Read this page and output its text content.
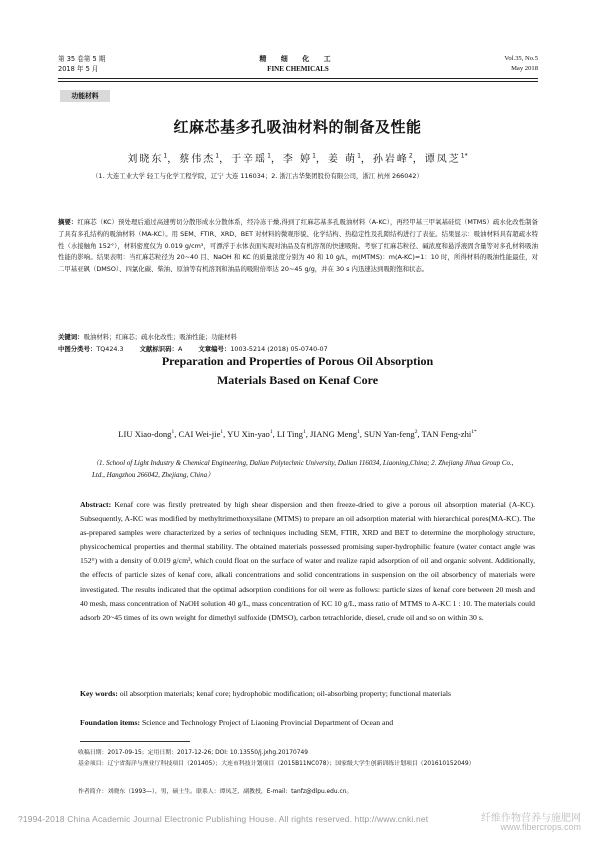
第 35 卷第 5 期
2018 年 5 月
精 细 化 工
FINE CHEMICALS
Vol.35, No.5
May 2018
功能材料
红麻芯基多孔吸油材料的制备及性能
刘晓东$^1$，蔡伟杰$^1$，于辛瑶$^1$，李 婷$^1$，姜 萌$^1$，孙岩峰$^2$，谭凤芝$^{1*}$
（1. 大连工业大学 轻工与化学工程学院，辽宁 大连 116034；2. 浙江古华集团股份有限公司，浙江 杭州 266042）
摘要：红麻芯（KC）预处理后通过高速剪切分散形成水分散体系，经冷冻干燥,得到了红麻芯基多孔吸油材料（A-KC），再经甲基三甲氧基硅烷（MTMS）疏水化改性制备了具有多孔结构的吸油材料（MA-KC）。用 SEM、FTIR、XRD、BET 对材料的微观形貌、化学结构、热稳定性及孔隙结构进行了表征。结果显示：吸油材料具有超疏水特性（水接触角 152°），材料密度仅为 0.019 g/cm³，可漂浮于水体表面实现对油品及有机溶剂的快速吸附。考察了红麻芯粒径、碱浓度和悬浮液固含量等对多孔材料吸油性能的影响。结果表明：当红麻芯粒径为 20~40 目、NaOH 和 KC 的质量浓度分别为 40 和 10 g/L，m(MTMS)：m(A-KC)=1：10 时，所得材料的吸油性能最佳，对二甲基亚砜（DMSO）、四氯化碳、柴油、原油等有机溶剂和油品的吸附倍率达 20~45 g/g，并在 30 s 内迅速达到吸附饱和状态。
关键词：吸油材料；红麻芯；疏水化改性；吸油性能；功能材料
中图分类号：TQ424.3	文献标识码：A	文章编号：1003-5214 (2018) 05-0740-07
Preparation and Properties of Porous Oil Absorption
Materials Based on Kenaf Core
LIU Xiao-dong$^1$, CAI Wei-jie$^1$, YU Xin-yao$^1$, LI Ting$^1$, JIANG Meng$^1$, SUN Yan-feng$^2$, TAN Feng-zhi$^{1*}$
（1. School of Light Industry & Chemical Engineering, Dalian Polytechnic University, Dalian 116034, Liaoning,China; 2. Zhejiang Jihua Group Co., Ltd., Hangzhou 266042, Zhejiang, China）
Abstract: Kenaf core was firstly pretreated by high shear dispersion and then freeze-dried to give a porous oil absorption material (A-KC). Subsequently, A-KC was modified by methyltrimethoxysilane (MTMS) to prepare an oil adsorption material with hierarchical pores(MA-KC). The as-prepared samples were characterized by a series of techniques including SEM, FTIR, XRD and BET to determine the morphology structure, physicochemical properties and thermal stability. The obtained materials possessed promising super-hydrophilic feature (water contact angle was 152°) with a density of 0.019 g/cm³, which could float on the surface of water and realize rapid adsorption of oil and organic solvent. Additionally, the effects of particle sizes of kenaf core, alkali concentrations and solid concentrations in suspension on the oil absorbency of materials were investigated. The results indicated that the optimal adsorption conditions for oil were as follows: particle sizes of kenaf core between 20 mesh and 40 mesh, mass concentration of NaOH solution 40 g/L, mass concentration of KC 10 g/L, mass ratio of MTMS to A-KC 1 : 10. The materials could adsorb 20~45 times of its own weight for dimethyl sulfoxide (DMSO), carbon tetrachloride, diesel, crude oil and so on within 30 s.
Key words: oil absorption materials; kenaf core; hydrophobic modification; oil-absorbing property; functional materials
Foundation items: Science and Technology Project of Liaoning Provincial Department of Ocean and
收稿日期：2017-09-15；定用日期：2017-12-26; DOI: 10.13550/j.jxhg.20170749
基金项目：辽宁省海洋与渔业厅科技项目（201405）；大连市科技计划项目（2015B11NC078）；国家级大学生创新训练计划项目（201610152049）
作者简介：刘晓东（1993—），男，硕士生。联系人：谭凤芝，副教授，E-mail：tanfz@dlpu.edu.cn。
?1994-2018 China Academic Journal Electronic Publishing House. All rights reserved. http://www.cnki.net	纤维作物营养与施肥网
www.fibercrops.com
